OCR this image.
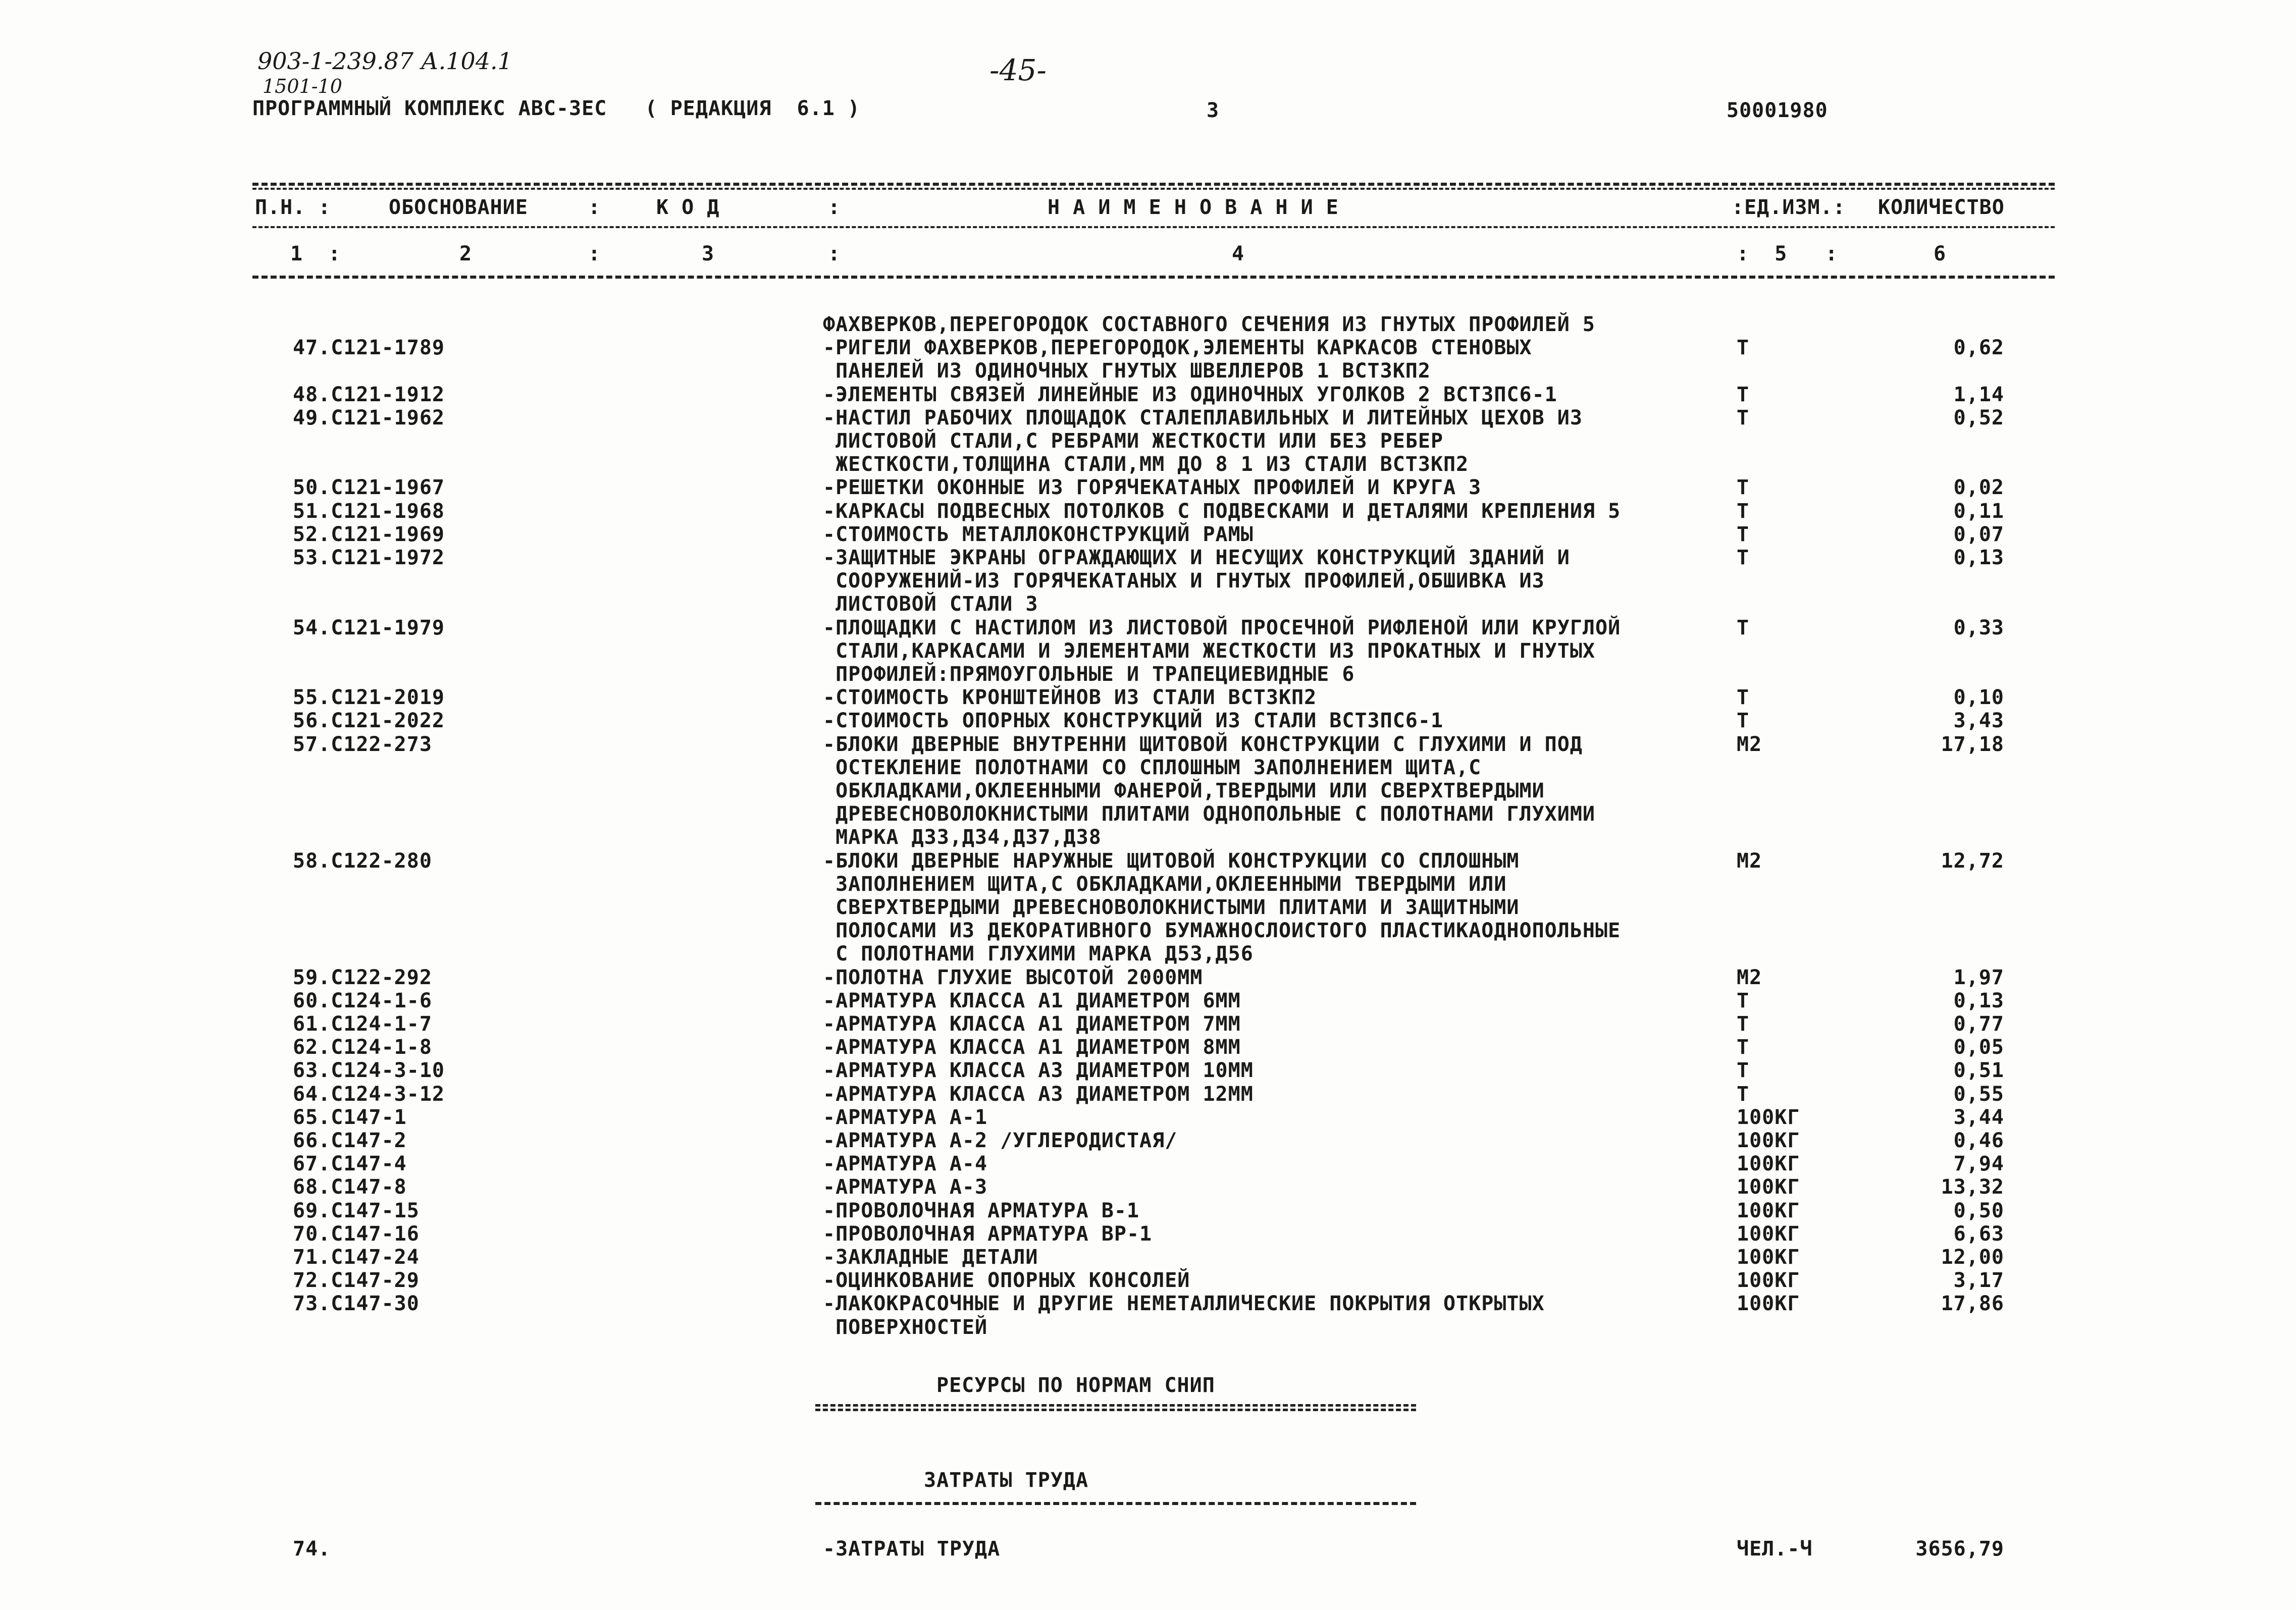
903-1-239.87 А.104.1
1501-10	-45-
ПРОГРАММНЫЙ КОМПЛЕКС АВС-3ЕС   ( РЕДАКЦИЯ  6.1 )	3	50001980
П.Н. :	ОБОСНОВАНИЕ	:	К О Д	:	Н А И М Е Н О В А Н И Е	:ЕД.ИЗМ.: КОЛИЧЕСТВО
1  :	2	:	3	:	4	:  5   :	6
ФАХВЕРКОВ,ПЕРЕГОРОДОК СОСТАВНОГО СЕЧЕНИЯ ИЗ ГНУТЫХ ПРОФИЛЕЙ 5
47.С121-1789	-РИГЕЛИ ФАХВЕРКОВ,ПЕРЕГОРОДОК,ЭЛЕМЕНТЫ КАРКАСОВ СТЕНОВЫХ	Т	0,62
ПАНЕЛЕЙ ИЗ ОДИНОЧНЫХ ГНУТЫХ ШВЕЛЛЕРОВ 1 ВСТ3КП2
48.С121-1912	-ЭЛЕМЕНТЫ СВЯЗЕЙ ЛИНЕЙНЫЕ ИЗ ОДИНОЧНЫХ УГОЛКОВ 2 ВСТ3ПС6-1	Т	1,14
49.С121-1962	-НАСТИЛ РАБОЧИХ ПЛОЩАДОК СТАЛЕПЛАВИЛЬНЫХ И ЛИТЕЙНЫХ ЦЕХОВ ИЗ	Т	0,52
ЛИСТОВОЙ СТАЛИ,С РЕБРАМИ ЖЕСТКОСТИ ИЛИ БЕЗ РЕБЕР
ЖЕСТКОСТИ,ТОЛЩИНА СТАЛИ,ММ ДО 8 1 ИЗ СТАЛИ ВСТ3КП2
50.С121-1967	-РЕШЕТКИ ОКОННЫЕ ИЗ ГОРЯЧЕКАТАНЫХ ПРОФИЛЕЙ И КРУГА 3	Т	0,02
51.С121-1968	-КАРКАСЫ ПОДВЕСНЫХ ПОТОЛКОВ С ПОДВЕСКАМИ И ДЕТАЛЯМИ КРЕПЛЕНИЯ 5	Т	0,11
52.С121-1969	-СТОИМОСТЬ МЕТАЛЛОКОНСТРУКЦИЙ РАМЫ	Т	0,07
53.С121-1972	-ЗАЩИТНЫЕ ЭКРАНЫ ОГРАЖДАЮЩИХ И НЕСУЩИХ КОНСТРУКЦИЙ ЗДАНИЙ И	Т	0,13
СООРУЖЕНИЙ-ИЗ ГОРЯЧЕКАТАНЫХ И ГНУТЫХ ПРОФИЛЕЙ,ОБШИВКА ИЗ
ЛИСТОВОЙ СТАЛИ 3
54.С121-1979	-ПЛОЩАДКИ С НАСТИЛОМ ИЗ ЛИСТОВОЙ ПРОСЕЧНОЙ РИФЛЕНОЙ ИЛИ КРУГЛОЙ	Т	0,33
СТАЛИ,КАРКАСАМИ И ЭЛЕМЕНТАМИ ЖЕСТКОСТИ ИЗ ПРОКАТНЫХ И ГНУТЫХ
ПРОФИЛЕЙ:ПРЯМОУГОЛЬНЫЕ И ТРАПЕЦИЕВИДНЫЕ 6
55.С121-2019	-СТОИМОСТЬ КРОНШТЕЙНОВ ИЗ СТАЛИ ВСТ3КП2	Т	0,10
56.С121-2022	-СТОИМОСТЬ ОПОРНЫХ КОНСТРУКЦИЙ ИЗ СТАЛИ ВСТ3ПС6-1	Т	3,43
57.С122-273	-БЛОКИ ДВЕРНЫЕ ВНУТРЕННИ ЩИТОВОЙ КОНСТРУКЦИИ С ГЛУХИМИ И ПОД	М2	17,18
ОСТЕКЛЕНИЕ ПОЛОТНАМИ СО СПЛОШНЫМ ЗАПОЛНЕНИЕМ ЩИТА,С
ОБКЛАДКАМИ,ОКЛЕЕННЫМИ ФАНЕРОЙ,ТВЕРДЫМИ ИЛИ СВЕРХТВЕРДЫМИ
ДРЕВЕСНОВОЛОКНИСТЫМИ ПЛИТАМИ ОДНОПОЛЬНЫЕ С ПОЛОТНАМИ ГЛУХИМИ
МАРКА Д33,Д34,Д37,Д38
58.С122-280	-БЛОКИ ДВЕРНЫЕ НАРУЖНЫЕ ЩИТОВОЙ КОНСТРУКЦИИ СО СПЛОШНЫМ	М2	12,72
ЗАПОЛНЕНИЕМ ЩИТА,С ОБКЛАДКАМИ,ОКЛЕЕННЫМИ ТВЕРДЫМИ ИЛИ
СВЕРХТВЕРДЫМИ ДРЕВЕСНОВОЛОКНИСТЫМИ ПЛИТАМИ И ЗАЩИТНЫМИ
ПОЛОСАМИ ИЗ ДЕКОРАТИВНОГО БУМАЖНОСЛОИСТОГО ПЛАСТИКАОДНОПОЛЬНЫЕ
С ПОЛОТНАМИ ГЛУХИМИ МАРКА Д53,Д56
59.С122-292	-ПОЛОТНА ГЛУХИЕ ВЫСОТОЙ 2000ММ	М2	1,97
60.С124-1-6	-АРМАТУРА КЛАССА А1 ДИАМЕТРОМ 6ММ	Т	0,13
61.С124-1-7	-АРМАТУРА КЛАССА А1 ДИАМЕТРОМ 7ММ	Т	0,77
62.С124-1-8	-АРМАТУРА КЛАССА А1 ДИАМЕТРОМ 8ММ	Т	0,05
63.С124-3-10	-АРМАТУРА КЛАССА А3 ДИАМЕТРОМ 10ММ	Т	0,51
64.С124-3-12	-АРМАТУРА КЛАССА А3 ДИАМЕТРОМ 12ММ	Т	0,55
65.С147-1	-АРМАТУРА А-1	100КГ	3,44
66.С147-2	-АРМАТУРА А-2 /УГЛЕРОДИСТАЯ/	100КГ	0,46
67.С147-4	-АРМАТУРА А-4	100КГ	7,94
68.С147-8	-АРМАТУРА А-3	100КГ	13,32
69.С147-15	-ПРОВОЛОЧНАЯ АРМАТУРА В-1	100КГ	0,50
70.С147-16	-ПРОВОЛОЧНАЯ АРМАТУРА ВР-1	100КГ	6,63
71.С147-24	-ЗАКЛАДНЫЕ ДЕТАЛИ	100КГ	12,00
72.С147-29	-ОЦИНКОВАНИЕ ОПОРНЫХ КОНСОЛЕЙ	100КГ	3,17
73.С147-30	-ЛАКОКРАСОЧНЫЕ И ДРУГИЕ НЕМЕТАЛЛИЧЕСКИЕ ПОКРЫТИЯ ОТКРЫТЫХ	100КГ	17,86
ПОВЕРХНОСТЕЙ
РЕСУРСЫ ПО НОРМАМ СНИП
ЗАТРАТЫ ТРУДА
74.	-ЗАТРАТЫ ТРУДА	ЧЕЛ.-Ч	3656,79
